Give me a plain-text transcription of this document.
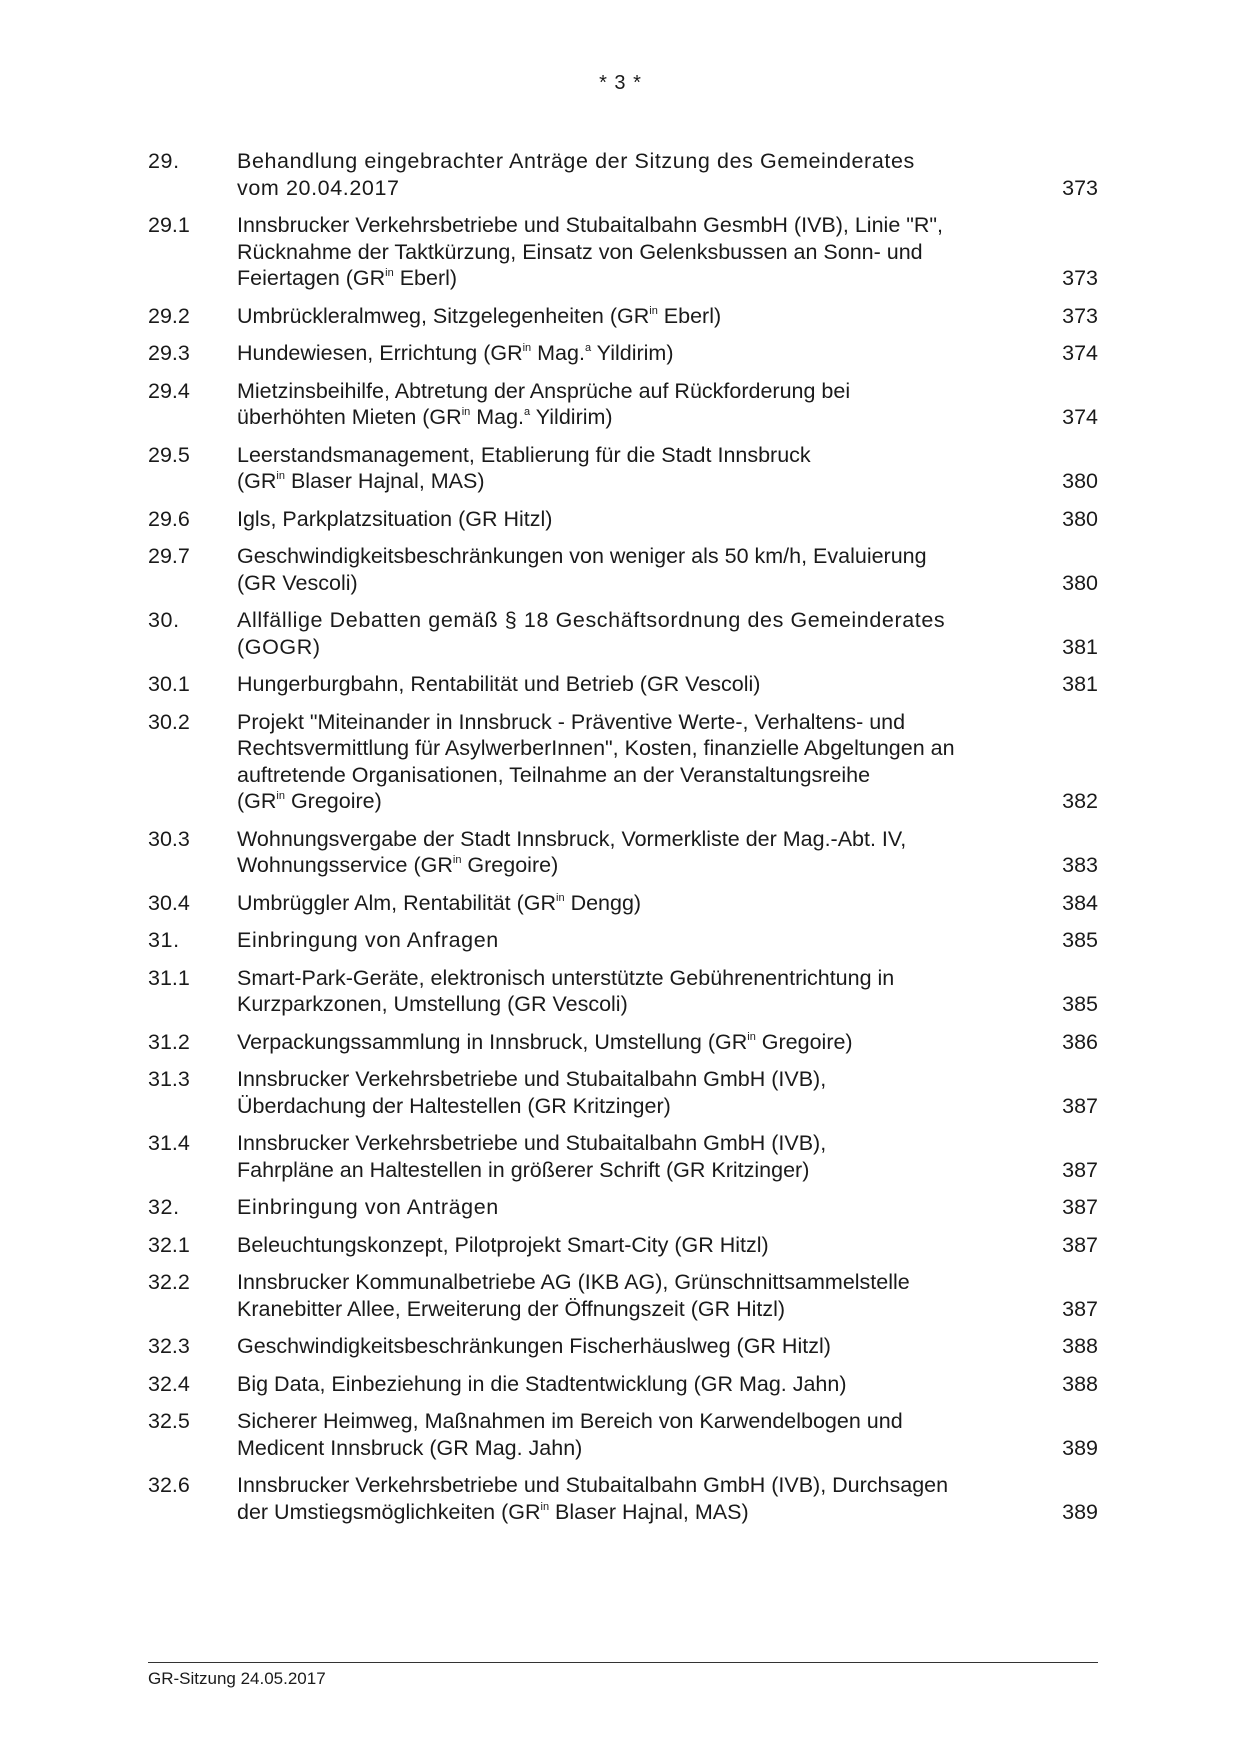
* 3 *
29.	Behandlung eingebrachter Anträge der Sitzung des Gemeinderates
vom 20.04.2017	373
29.1	Innsbrucker Verkehrsbetriebe und Stubaitalbahn GesmbH (IVB), Linie "R",
Rücknahme der Taktkürzung, Einsatz von Gelenksbussen an Sonn- und
Feiertagen ($GR^{in}$ Eberl)	373
29.2	Umbrückleralmweg, Sitzgelegenheiten ($GR^{in}$ Eberl)	373
29.3	Hundewiesen, Errichtung ($GR^{in}$ Mag.$^a$ Yildirim)	374
29.4	Mietzinsbeihilfe, Abtretung der Ansprüche auf Rückforderung bei
überhöhten Mieten ($GR^{in}$ Mag.$^a$ Yildirim)	374
29.5	Leerstandsmanagement, Etablierung für die Stadt Innsbruck
($GR^{in}$ Blaser Hajnal, MAS)	380
29.6	Igls, Parkplatzsituation (GR Hitzl)	380
29.7	Geschwindigkeitsbeschränkungen von weniger als 50 km/h, Evaluierung
(GR Vescoli)	380
30.	Allfällige Debatten gemäß § 18 Geschäftsordnung des Gemeinderates
(GOGR)	381
30.1	Hungerburgbahn, Rentabilität und Betrieb (GR Vescoli)	381
30.2	Projekt "Miteinander in Innsbruck - Präventive Werte-, Verhaltens- und
Rechtsvermittlung für AsylwerberInnen", Kosten, finanzielle Abgeltungen an
auftretende Organisationen, Teilnahme an der Veranstaltungsreihe
($GR^{in}$ Gregoire)	382
30.3	Wohnungsvergabe der Stadt Innsbruck, Vormerkliste der Mag.-Abt. IV,
Wohnungsservice ($GR^{in}$ Gregoire)	383
30.4	Umbrüggler Alm, Rentabilität ($GR^{in}$ Dengg)	384
31.	Einbringung von Anfragen	385
31.1	Smart-Park-Geräte, elektronisch unterstützte Gebührenentrichtung in
Kurzparkzonen, Umstellung (GR Vescoli)	385
31.2	Verpackungssammlung in Innsbruck, Umstellung ($GR^{in}$ Gregoire)	386
31.3	Innsbrucker Verkehrsbetriebe und Stubaitalbahn GmbH (IVB),
Überdachung der Haltestellen (GR Kritzinger)	387
31.4	Innsbrucker Verkehrsbetriebe und Stubaitalbahn GmbH (IVB),
Fahrpläne an Haltestellen in größerer Schrift (GR Kritzinger)	387
32.	Einbringung von Anträgen	387
32.1	Beleuchtungskonzept, Pilotprojekt Smart-City (GR Hitzl)	387
32.2	Innsbrucker Kommunalbetriebe AG (IKB AG), Grünschnittsammelstelle
Kranebitter Allee, Erweiterung der Öffnungszeit (GR Hitzl)	387
32.3	Geschwindigkeitsbeschränkungen Fischerhäuslweg (GR Hitzl)	388
32.4	Big Data, Einbeziehung in die Stadtentwicklung (GR Mag. Jahn)	388
32.5	Sicherer Heimweg, Maßnahmen im Bereich von Karwendelbogen und
Medicent Innsbruck (GR Mag. Jahn)	389
32.6	Innsbrucker Verkehrsbetriebe und Stubaitalbahn GmbH (IVB), Durchsagen
der Umstiegsmöglichkeiten ($GR^{in}$ Blaser Hajnal, MAS)	389
GR-Sitzung 24.05.2017
